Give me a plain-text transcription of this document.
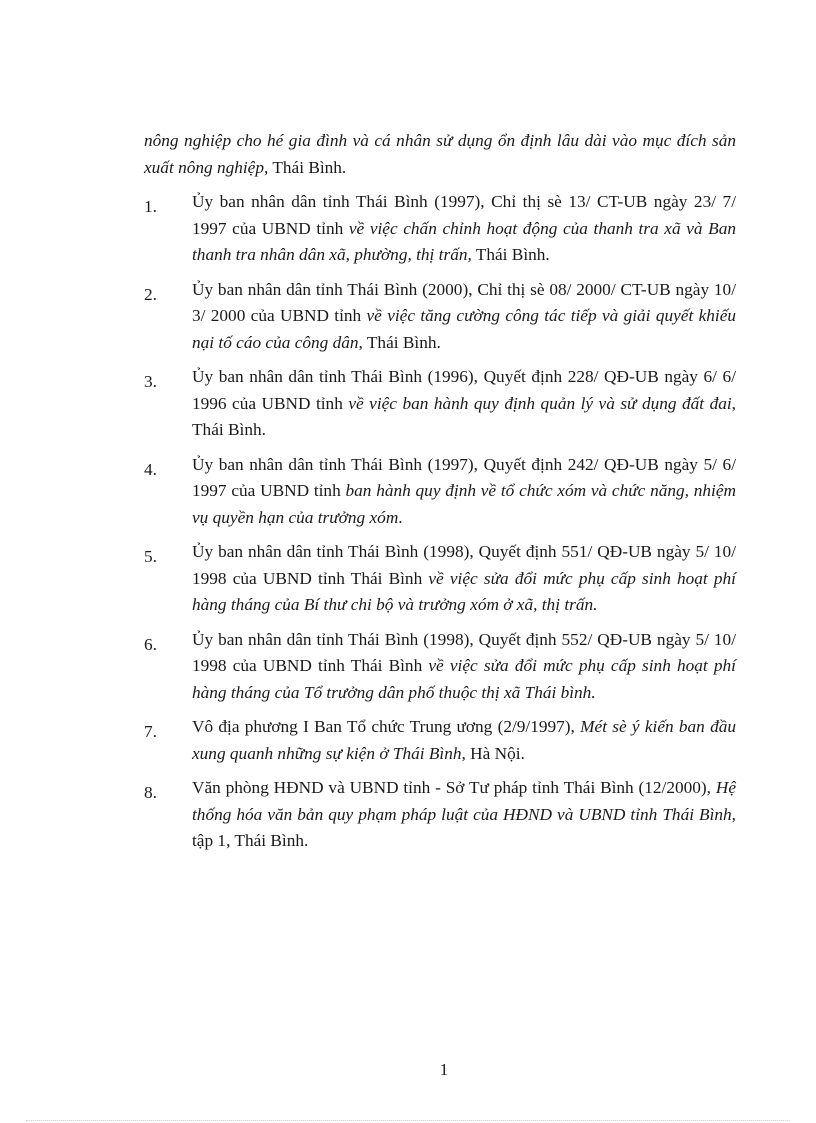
nông nghiệp cho hé gia đình và cá nhân sử dụng ổn định lâu dài vào mục đích sản xuất nông nghiệp, Thái Bình.

1.	Ủy ban nhân dân tỉnh Thái Bình (1997), Chỉ thị sè 13/ CT-UB ngày 23/ 7/ 1997 của UBND tỉnh về việc chấn chỉnh hoạt động của thanh tra xã và Ban thanh tra nhân dân xã, phường, thị trấn, Thái Bình.
2.	Ủy ban nhân dân tỉnh Thái Bình (2000), Chỉ thị sè 08/ 2000/ CT-UB ngày 10/ 3/ 2000 của UBND tỉnh về việc tăng cường công tác tiếp và giải quyết khiếu nại tố cáo của công dân, Thái Bình.
3.	Ủy ban nhân dân tỉnh Thái Bình (1996), Quyết định 228/ QĐ-UB ngày 6/ 6/ 1996 của UBND tỉnh về việc ban hành quy định quản lý và sử dụng đất đai, Thái Bình.
4.	Ủy ban nhân dân tỉnh Thái Bình (1997), Quyết định 242/ QĐ-UB ngày 5/ 6/ 1997 của UBND tỉnh ban hành quy định về tổ chức xóm và chức năng, nhiệm vụ quyền hạn của trưởng xóm.
5.	Ủy ban nhân dân tỉnh Thái Bình (1998), Quyết định 551/ QĐ-UB ngày 5/ 10/ 1998 của UBND tỉnh Thái Bình về việc sửa đổi mức phụ cấp sinh hoạt phí hàng tháng của Bí thư chi bộ và trưởng xóm ở xã, thị trấn.
6.	Ủy ban nhân dân tỉnh Thái Bình (1998), Quyết định 552/ QĐ-UB ngày 5/ 10/ 1998 của UBND tỉnh Thái Bình về việc sửa đổi mức phụ cấp sinh hoạt phí hàng tháng của Tổ trưởng dân phố thuộc thị xã Thái bình.
7.	Vô địa phương I Ban Tổ chức Trung ương (2/9/1997), Mét sè ý kiến ban đầu xung quanh những sự kiện ở Thái Bình, Hà Nội.
8.	Văn phòng HĐND và UBND tỉnh - Sở Tư pháp tỉnh Thái Bình (12/2000), Hệ thống hóa văn bản quy phạm pháp luật của HĐND và UBND tỉnh Thái Bình, tập 1, Thái Bình.
1
